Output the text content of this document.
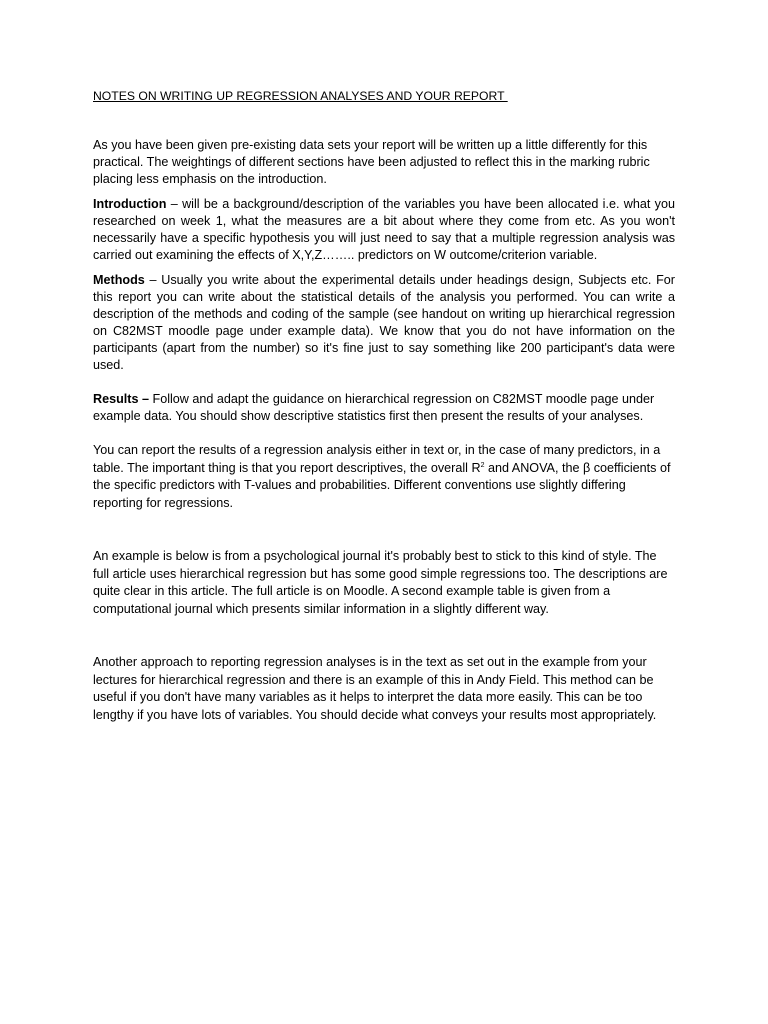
NOTES ON WRITING UP REGRESSION ANALYSES AND YOUR REPORT

As you have been given pre-existing data sets your report will be written up a little differently for this practical. The weightings of different sections have been adjusted to reflect this in the marking rubric placing less emphasis on the introduction.

Introduction – will be a background/description of the variables you have been allocated i.e. what you researched on week 1, what the measures are a bit about where they come from etc. As you won't necessarily have a specific hypothesis you will just need to say that a multiple regression analysis was carried out examining the effects of X,Y,Z…….. predictors on W outcome/criterion variable.

Methods – Usually you write about the experimental details under headings design, Subjects etc. For this report you can write about the statistical details of the analysis you performed. You can write a description of the methods and coding of the sample (see handout on writing up hierarchical regression on C82MST moodle page under example data). We know that you do not have information on the participants (apart from the number) so it's fine just to say something like 200 participant's data were used.

Results – Follow and adapt the guidance on hierarchical regression on C82MST moodle page under example data. You should show descriptive statistics first then present the results of your analyses.

You can report the results of a regression analysis either in text or, in the case of many predictors, in a table. The important thing is that you report descriptives, the overall $R^2$ and ANOVA, the β coefficients of the specific predictors with T-values and probabilities. Different conventions use slightly differing reporting for regressions.

An example is below is from a psychological journal it's probably best to stick to this kind of style. The full article uses hierarchical regression but has some good simple regressions too. The descriptions are quite clear in this article. The full article is on Moodle. A second example table is given from a computational journal which presents similar information in a slightly different way.

Another approach to reporting regression analyses is in the text as set out in the example from your lectures for hierarchical regression and there is an example of this in Andy Field. This method can be useful if you don't have many variables as it helps to interpret the data more easily. This can be too lengthy if you have lots of variables. You should decide what conveys your results most appropriately.
